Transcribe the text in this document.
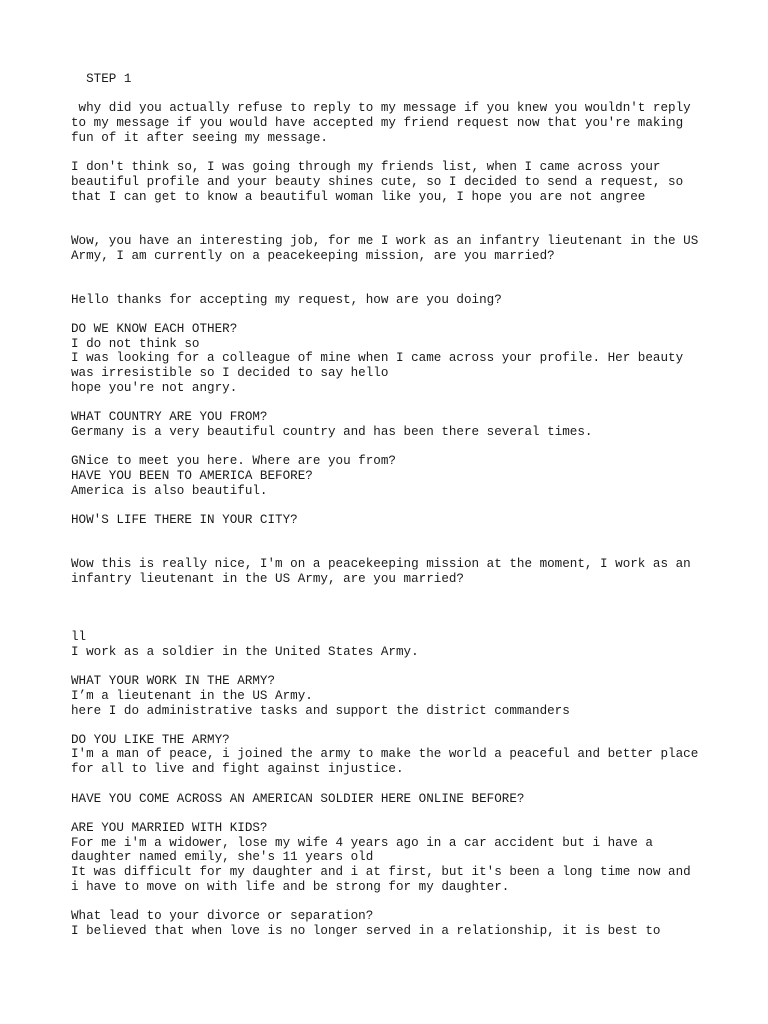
STEP 1

why did you actually refuse to reply to my message if you knew you wouldn't reply

to my message if you would have accepted my friend request now that you're making

fun of it after seeing my message.

I don't think so, I was going through my friends list, when I came across your

beautiful profile and your beauty shines cute, so I decided to send a request, so

that I can get to know a beautiful woman like you, I hope you are not angree

Wow, you have an interesting job, for me I work as an infantry lieutenant in the US

Army, I am currently on a peacekeeping mission, are you married?

Hello thanks for accepting my request, how are you doing?

DO WE KNOW EACH OTHER?

I do not think so

I was looking for a colleague of mine when I came across your profile. Her beauty

was irresistible so I decided to say hello

hope you're not angry.

WHAT COUNTRY ARE YOU FROM?

Germany is a very beautiful country and has been there several times.

GNice to meet you here. Where are you from?

HAVE YOU BEEN TO AMERICA BEFORE?

America is also beautiful.

HOW'S LIFE THERE IN YOUR CITY?

Wow this is really nice, I'm on a peacekeeping mission at the moment, I work as an

infantry lieutenant in the US Army, are you married?

ll

I work as a soldier in the United States Army.

WHAT YOUR WORK IN THE ARMY?

I’m a lieutenant in the US Army.

here I do administrative tasks and support the district commanders

DO YOU LIKE THE ARMY?

I'm a man of peace, i joined the army to make the world a peaceful and better place

for all to live and fight against injustice.

HAVE YOU COME ACROSS AN AMERICAN SOLDIER HERE ONLINE BEFORE?

ARE YOU MARRIED WITH KIDS?

For me i'm a widower, lose my wife 4 years ago in a car accident but i have a

daughter named emily, she's 11 years old

It was difficult for my daughter and i at first, but it's been a long time now and

i have to move on with life and be strong for my daughter.

What lead to your divorce or separation?

I believed that when love is no longer served in a relationship, it is best to
